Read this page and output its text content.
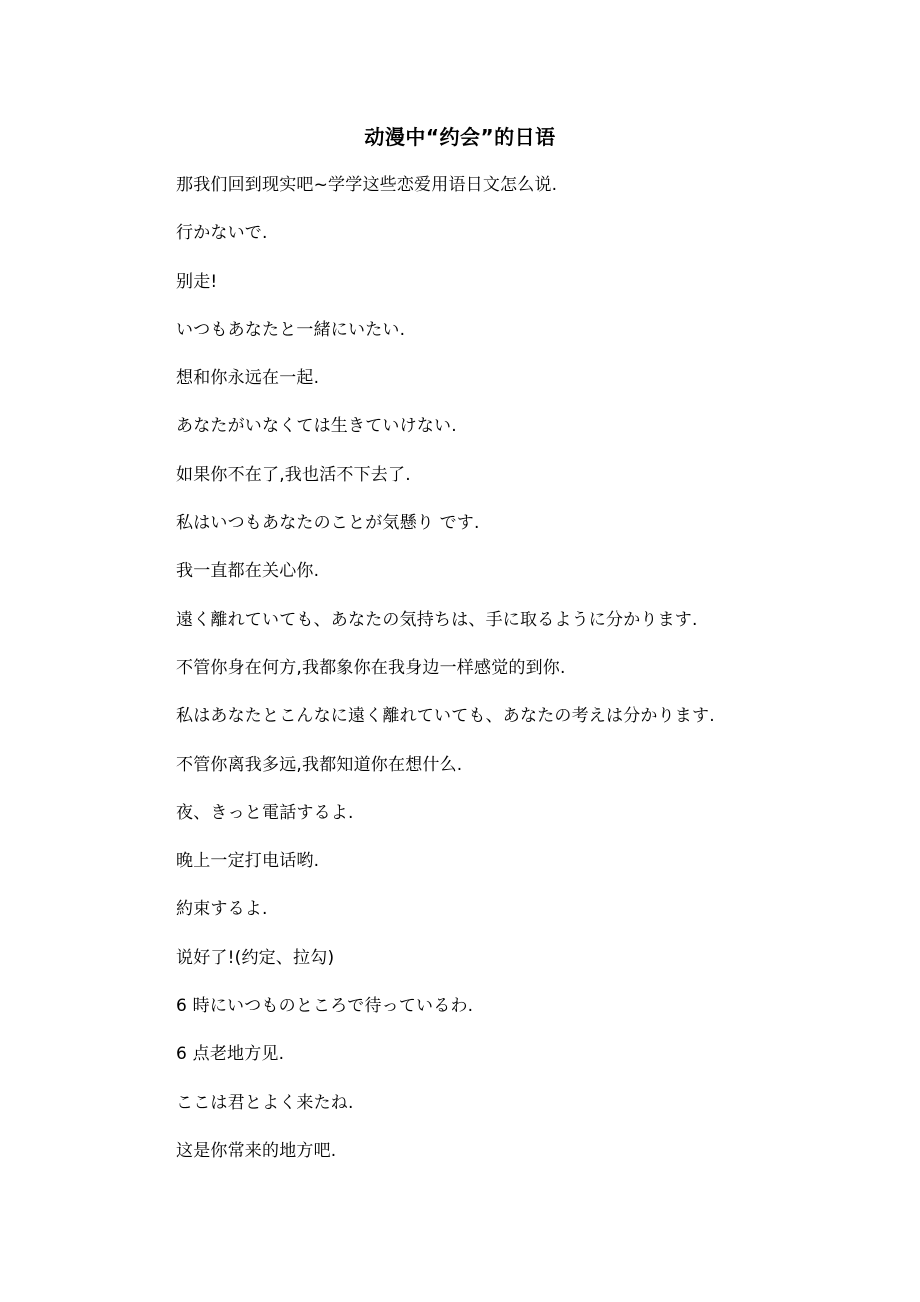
动漫中“约会”的日语
那我们回到现实吧~学学这些恋爱用语日文怎么说.
行かないで.
别走!
いつもあなたと一緒にいたい.
想和你永远在一起.
あなたがいなくては生きていけない.
如果你不在了,我也活不下去了.
私はいつもあなたのことが気懸り です.
我一直都在关心你.
遠く離れていても、あなたの気持ちは、手に取るように分かります.
不管你身在何方,我都象你在我身边一样感觉的到你.
私はあなたとこんなに遠く離れていても、あなたの考えは分かります.
不管你离我多远,我都知道你在想什么.
夜、きっと電話するよ.
晚上一定打电话哟.
約束するよ.
说好了!(约定、拉勾)
6 時にいつものところで待っているわ.
6 点老地方见.
ここは君とよく来たね.
这是你常来的地方吧.
